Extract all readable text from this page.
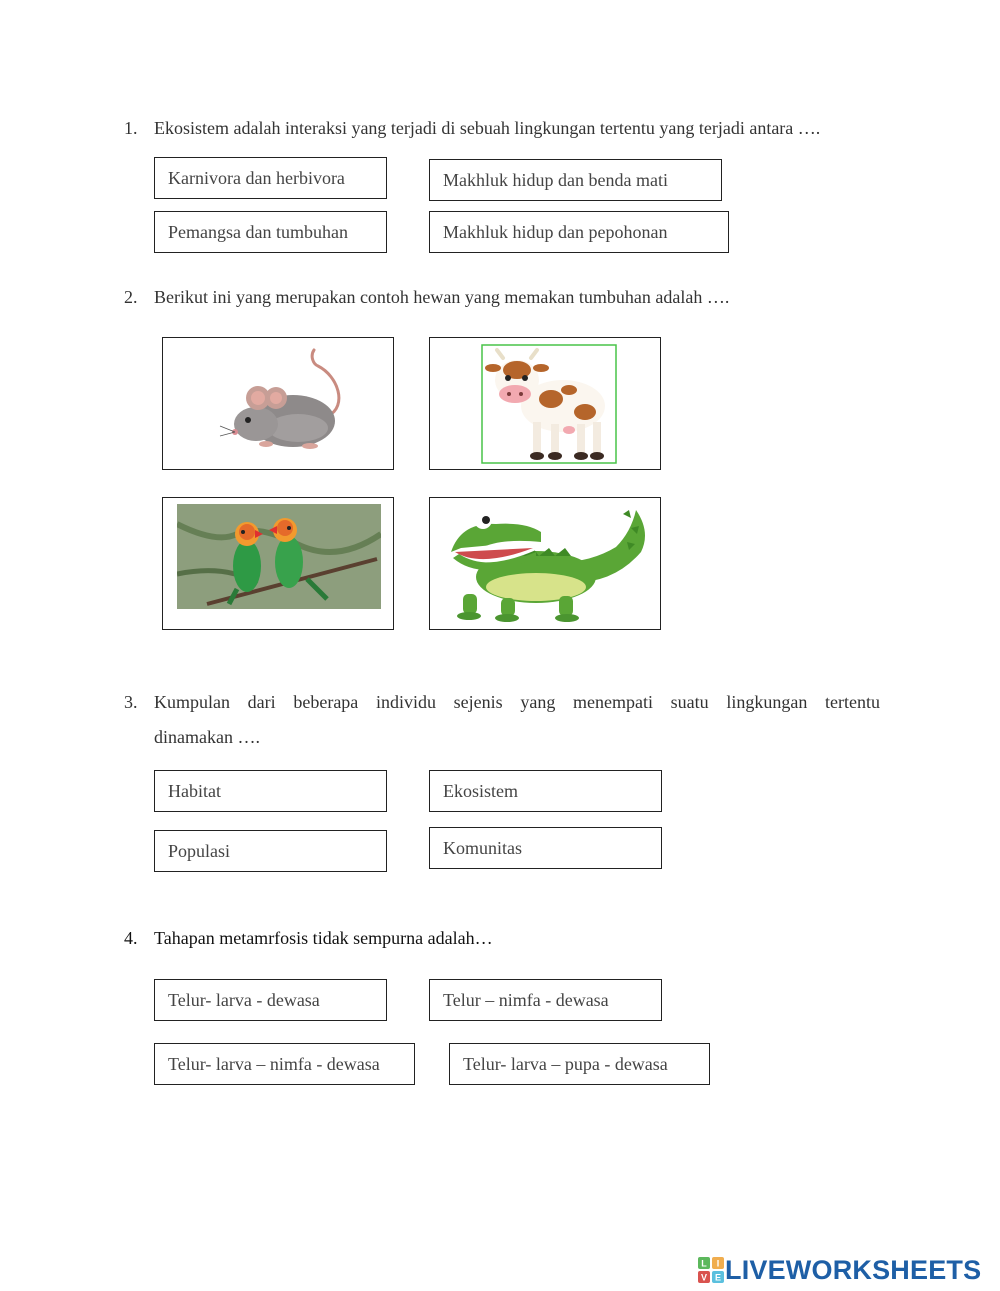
1. Ekosistem adalah interaksi yang terjadi di sebuah lingkungan tertentu yang terjadi antara ….
Karnivora dan herbivora	Makhluk hidup dan benda mati
Pemangsa dan tumbuhan	Makhluk hidup dan pepohonan
2. Berikut ini yang merupakan contoh hewan yang memakan tumbuhan adalah ….
3. Kumpulan dari beberapa individu sejenis yang menempati suatu lingkungan tertentu
dinamakan ….
Habitat	Ekosistem
Populasi	Komunitas
4. Tahapan metamrfosis tidak sempurna adalah…
Telur- larva - dewasa	Telur – nimfa - dewasa
Telur- larva – nimfa - dewasa	Telur- larva – pupa - dewasa
L I
V E LIVEWORKSHEETS
